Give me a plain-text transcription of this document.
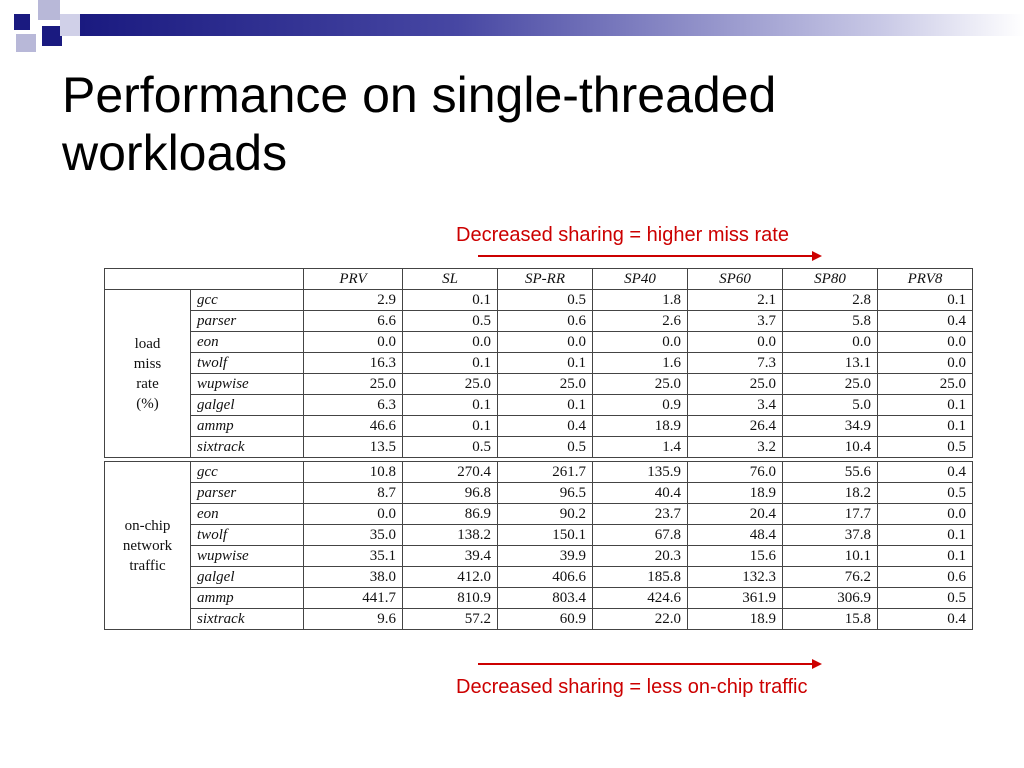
Performance on single-threaded workloads
Decreased sharing = higher miss rate
		PRV	SL	SP-RR	SP40	SP60	SP80	PRV8
load
miss
rate
(%)	gcc	2.9	0.1	0.5	1.8	2.1	2.8	0.1
	parser	6.6	0.5	0.6	2.6	3.7	5.8	0.4
	eon	0.0	0.0	0.0	0.0	0.0	0.0	0.0
	twolf	16.3	0.1	0.1	1.6	7.3	13.1	0.0
	wupwise	25.0	25.0	25.0	25.0	25.0	25.0	25.0
	galgel	6.3	0.1	0.1	0.9	3.4	5.0	0.1
	ammp	46.6	0.1	0.4	18.9	26.4	34.9	0.1
	sixtrack	13.5	0.5	0.5	1.4	3.2	10.4	0.5

on-chip
network
traffic	gcc	10.8	270.4	261.7	135.9	76.0	55.6	0.4
	parser	8.7	96.8	96.5	40.4	18.9	18.2	0.5
	eon	0.0	86.9	90.2	23.7	20.4	17.7	0.0
	twolf	35.0	138.2	150.1	67.8	48.4	37.8	0.1
	wupwise	35.1	39.4	39.9	20.3	15.6	10.1	0.1
	galgel	38.0	412.0	406.6	185.8	132.3	76.2	0.6
	ammp	441.7	810.9	803.4	424.6	361.9	306.9	0.5
	sixtrack	9.6	57.2	60.9	22.0	18.9	15.8	0.4
Decreased sharing = less on-chip traffic
